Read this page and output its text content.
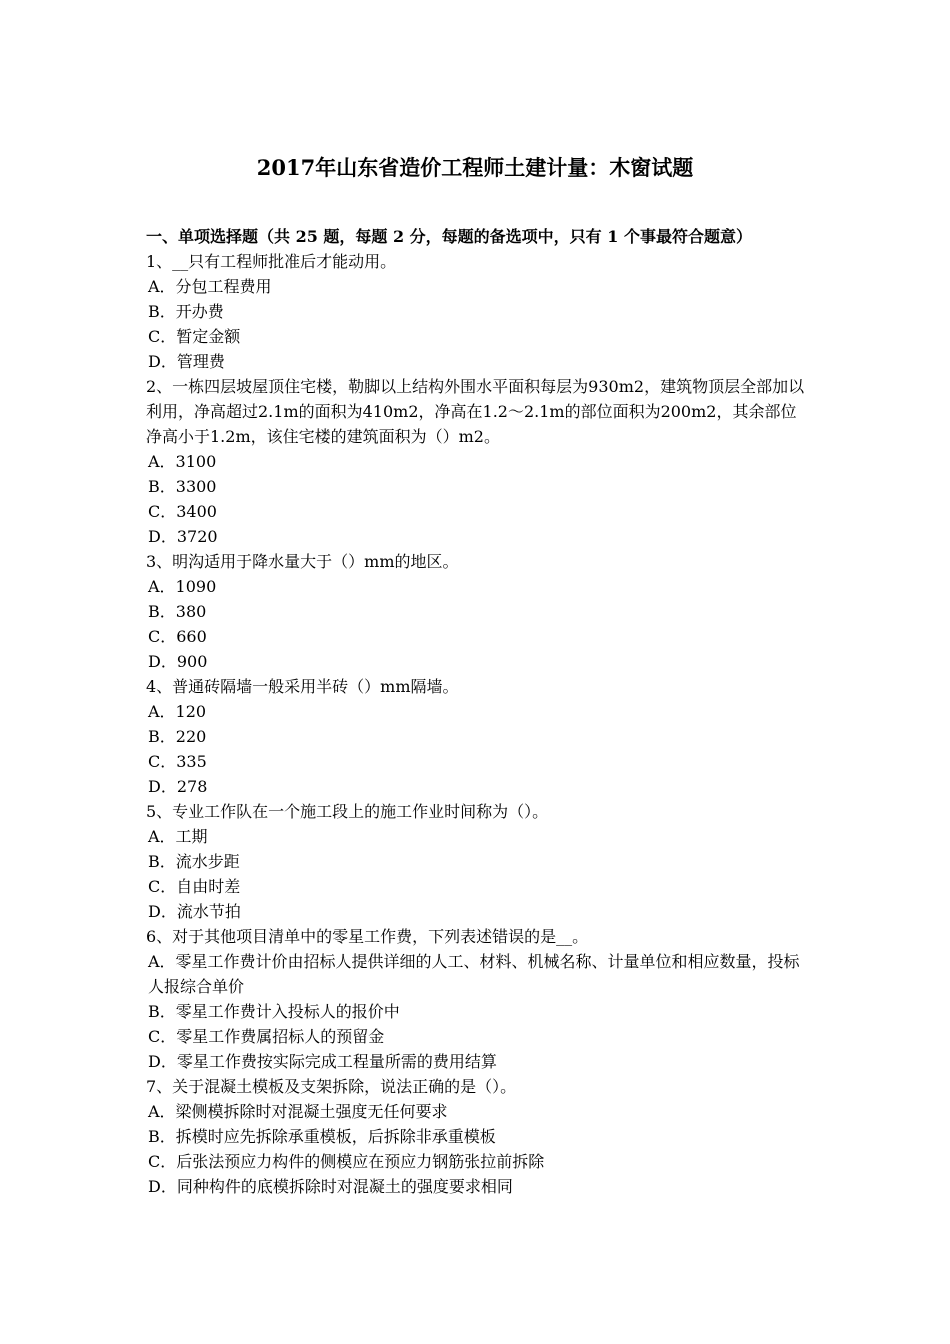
2017年山东省造价工程师土建计量：木窗试题

一、单项选择题（共 25 题，每题 2 分，每题的备选项中，只有 1 个事最符合题意）

1、__只有工程师批准后才能动用。

A．分包工程费用

B．开办费

C．暂定金额

D．管理费

2、一栋四层坡屋顶住宅楼，勒脚以上结构外围水平面积每层为930m2，建筑物顶层全部加以利用，净高超过2.1m的面积为410m2，净高在1.2～2.1m的部位面积为200m2，其余部位净高小于1.2m，该住宅楼的建筑面积为（）m2。

A．3100

B．3300

C．3400

D．3720

3、明沟适用于降水量大于（）mm的地区。

A．1090

B．380

C．660

D．900

4、普通砖隔墙一般采用半砖（）mm隔墙。

A．120

B．220

C．335

D．278

5、专业工作队在一个施工段上的施工作业时间称为（）。

A．工期

B．流水步距

C．自由时差

D．流水节拍

6、对于其他项目清单中的零星工作费，下列表述错误的是__。

A．零星工作费计价由招标人提供详细的人工、材料、机械名称、计量单位和相应数量，投标人报综合单价

B．零星工作费计入投标人的报价中

C．零星工作费属招标人的预留金

D．零星工作费按实际完成工程量所需的费用结算

7、关于混凝土模板及支架拆除，说法正确的是（）。

A．梁侧模拆除时对混凝土强度无任何要求

B．拆模时应先拆除承重模板，后拆除非承重模板

C．后张法预应力构件的侧模应在预应力钢筋张拉前拆除

D．同种构件的底模拆除时对混凝土的强度要求相同
